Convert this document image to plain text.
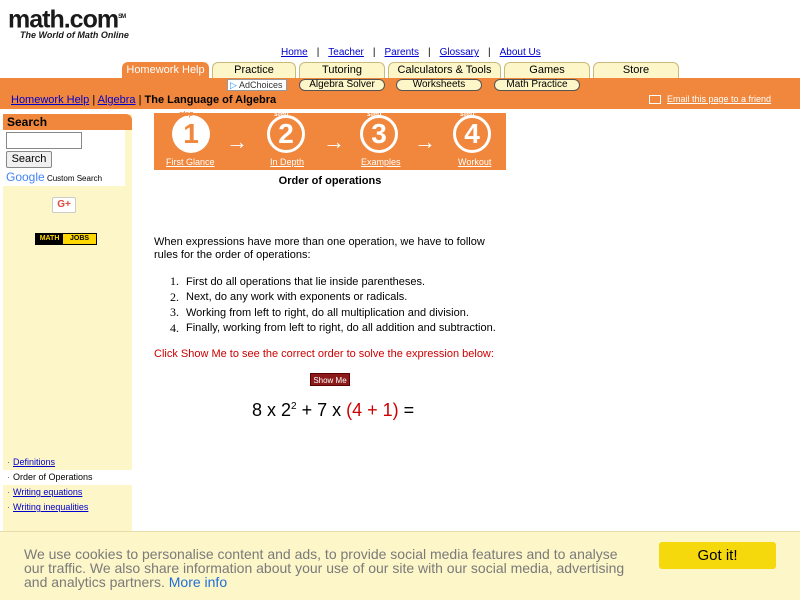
math.com℠
The World of Math Online
Home | Teacher | Parents | Glossary | About Us
Homework Help	Practice	Tutoring	Calculators & Tools	Games	Store
▷ AdChoices	Algebra Solver	Worksheets	Math Practice
Homework Help | Algebra | The Language of Algebra	Email this page to a friend
Search
Search
Google Custom Search
G+
MATH	JOBS
· Definitions
· Order of Operations
· Writing equations
· Writing inequalities
1
step
→	2
step
→ 3
step
→	4
step
First Glance	In Depth	Examples	Workout
Order of operations
When expressions have more than one operation, we have to follow rules for the order of operations:
1. First do all operations that lie inside parentheses.
2. Next, do any work with exponents or radicals.
3. Working from left to right, do all multiplication and division.
4. Finally, working from left to right, do all addition and subtraction.
Click Show Me to see the correct order to solve the expression below:
Show Me
8 x $2^2 + 7$ x (4 + 1) =
We use cookies to personalise content and ads, to provide social media features and to analyse our traffic. We also share information about your use of our site with our social media, advertising and analytics partners. More info
Got it!
